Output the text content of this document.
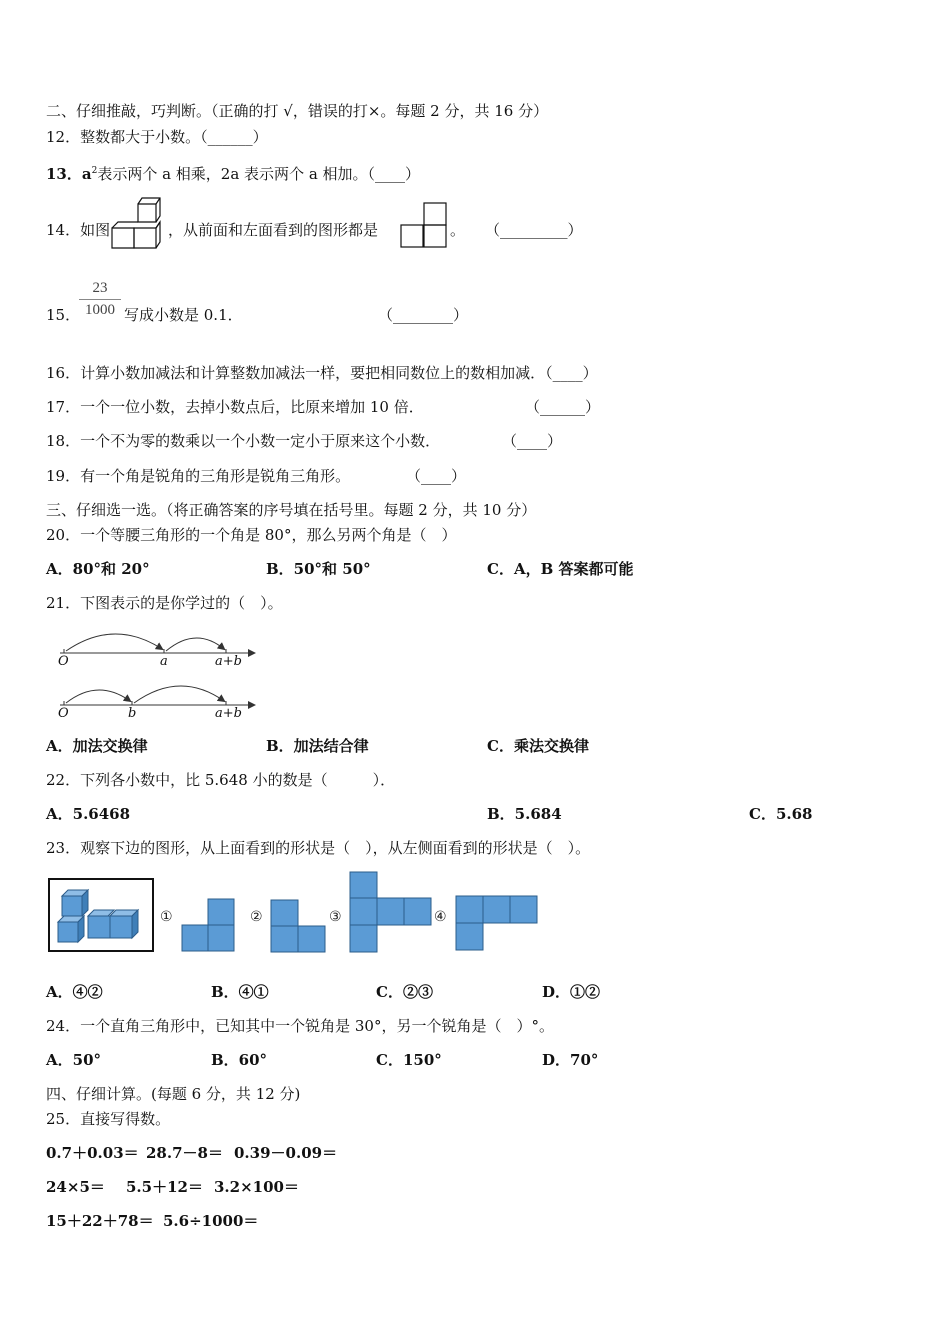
二、仔细推敲，巧判断。（正确的打 √，错误的打×。每题 2 分，共 16 分）
12．整数都大于小数。（______）
13．$a^2$表示两个 a 相乘，2a 表示两个 a 相加。（____）
14．如图	，从前面和左面看到的图形都是	。 （_________）
15．
23
1000 写成小数是 0.1．	（________）
16．计算小数加减法和计算整数加减法一样，要把相同数位上的数相加减．（____）
17．一个一位小数，去掉小数点后，比原来增加 10 倍．	（______）
18．一个不为零的数乘以一个小数一定小于原来这个小数．	（____）
19．有一个角是锐角的三角形是锐角三角形。	（____）
三、仔细选一选。（将正确答案的序号填在括号里。每题 2 分，共 10 分）
20．一个等腰三角形的一个角是 80°，那么另两个角是（　）
A．80°和 20°	B．50°和 50°	C．A，B 答案都可能
21．下图表示的是你学过的（　）。
O	a	a+b
O	b	a+b
A．加法交换律	B．加法结合律	C．乘法交换律
22．下列各小数中，比 5.648 小的数是（　　　）．
A．5.6468	B．5.684	C．5.68
23．观察下边的图形，从上面看到的形状是（　），从左侧面看到的形状是（　）。
①	②	③	④
A．④②	B．④①	C．②③	D．①②
24．一个直角三角形中，已知其中一个锐角是 30°，另一个锐角是（　）°。
A．50°	B．60°	C．150°	D．70°
四、仔细计算。(每题 6 分，共 12 分)
25．直接写得数。
0.7＋0.03＝ 28.7－8＝ 0.39－0.09＝
24×5＝ 5.5＋12＝ 3.2×100＝
15＋22＋78＝ 5.6÷1000＝
